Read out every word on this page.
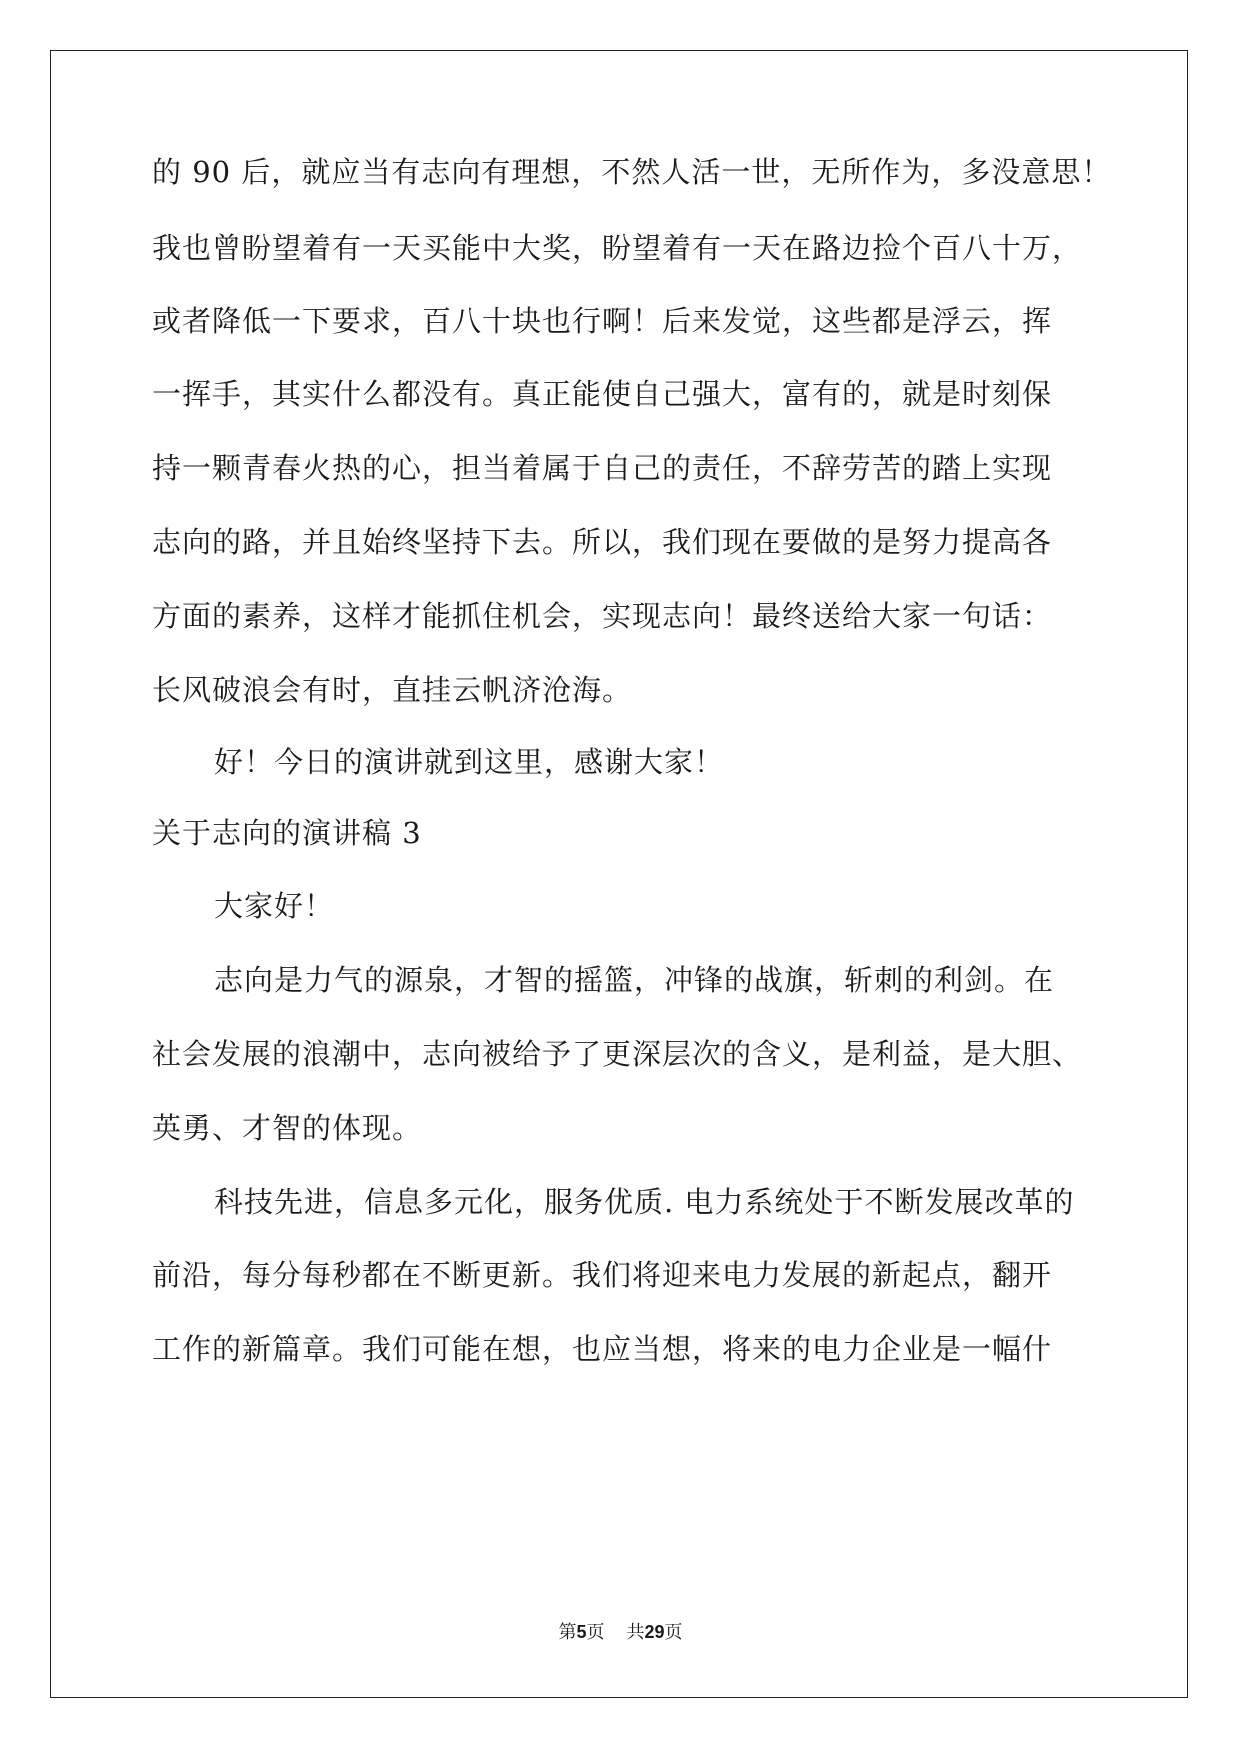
的 90 后，就应当有志向有理想，不然人活一世，无所作为，多没意思！
我也曾盼望着有一天买能中大奖，盼望着有一天在路边捡个百八十万，
或者降低一下要求，百八十块也行啊！后来发觉，这些都是浮云，挥
一挥手，其实什么都没有。真正能使自己强大，富有的，就是时刻保
持一颗青春火热的心，担当着属于自己的责任，不辞劳苦的踏上实现
志向的路，并且始终坚持下去。所以，我们现在要做的是努力提高各
方面的素养，这样才能抓住机会，实现志向！最终送给大家一句话：
长风破浪会有时，直挂云帆济沧海。
好！今日的演讲就到这里，感谢大家！
关于志向的演讲稿 3
大家好！
志向是力气的源泉，才智的摇篮，冲锋的战旗，斩刺的利剑。在
社会发展的浪潮中，志向被给予了更深层次的含义，是利益，是大胆、
英勇、才智的体现。
科技先进，信息多元化，服务优质. 电力系统处于不断发展改革的
前沿，每分每秒都在不断更新。我们将迎来电力发展的新起点，翻开
工作的新篇章。我们可能在想，也应当想，将来的电力企业是一幅什
第5页 共29页
